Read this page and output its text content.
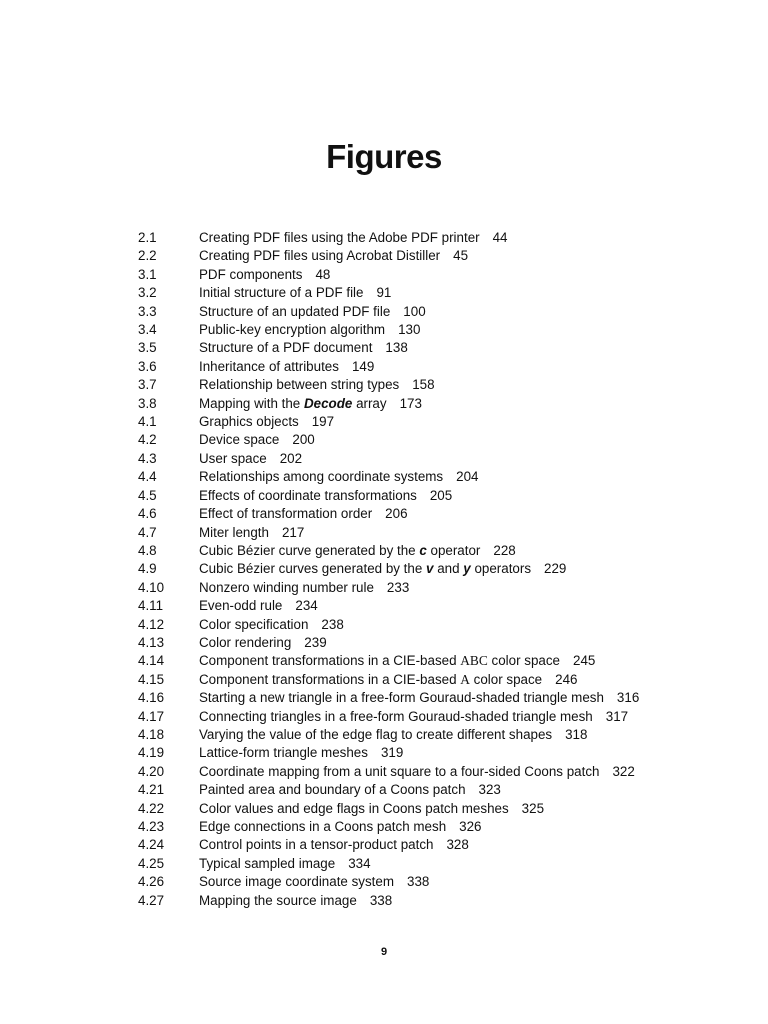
Figures
2.1	Creating PDF files using the Adobe PDF printer 44
2.2	Creating PDF files using Acrobat Distiller 45
3.1	PDF components 48
3.2	Initial structure of a PDF file 91
3.3	Structure of an updated PDF file 100
3.4	Public-key encryption algorithm 130
3.5	Structure of a PDF document 138
3.6	Inheritance of attributes 149
3.7	Relationship between string types 158
3.8	Mapping with the Decode array 173
4.1	Graphics objects 197
4.2	Device space 200
4.3	User space 202
4.4	Relationships among coordinate systems 204
4.5	Effects of coordinate transformations 205
4.6	Effect of transformation order 206
4.7	Miter length 217
4.8	Cubic Bézier curve generated by the c operator 228
4.9	Cubic Bézier curves generated by the v and y operators 229
4.10	Nonzero winding number rule 233
4.11	Even-odd rule 234
4.12	Color specification 238
4.13	Color rendering 239
4.14	Component transformations in a CIE-based ABC color space 245
4.15	Component transformations in a CIE-based A color space 246
4.16	Starting a new triangle in a free-form Gouraud-shaded triangle mesh 316
4.17	Connecting triangles in a free-form Gouraud-shaded triangle mesh 317
4.18	Varying the value of the edge flag to create different shapes 318
4.19	Lattice-form triangle meshes 319
4.20	Coordinate mapping from a unit square to a four-sided Coons patch 322
4.21	Painted area and boundary of a Coons patch 323
4.22	Color values and edge flags in Coons patch meshes 325
4.23	Edge connections in a Coons patch mesh 326
4.24	Control points in a tensor-product patch 328
4.25	Typical sampled image 334
4.26	Source image coordinate system 338
4.27	Mapping the source image 338
9
